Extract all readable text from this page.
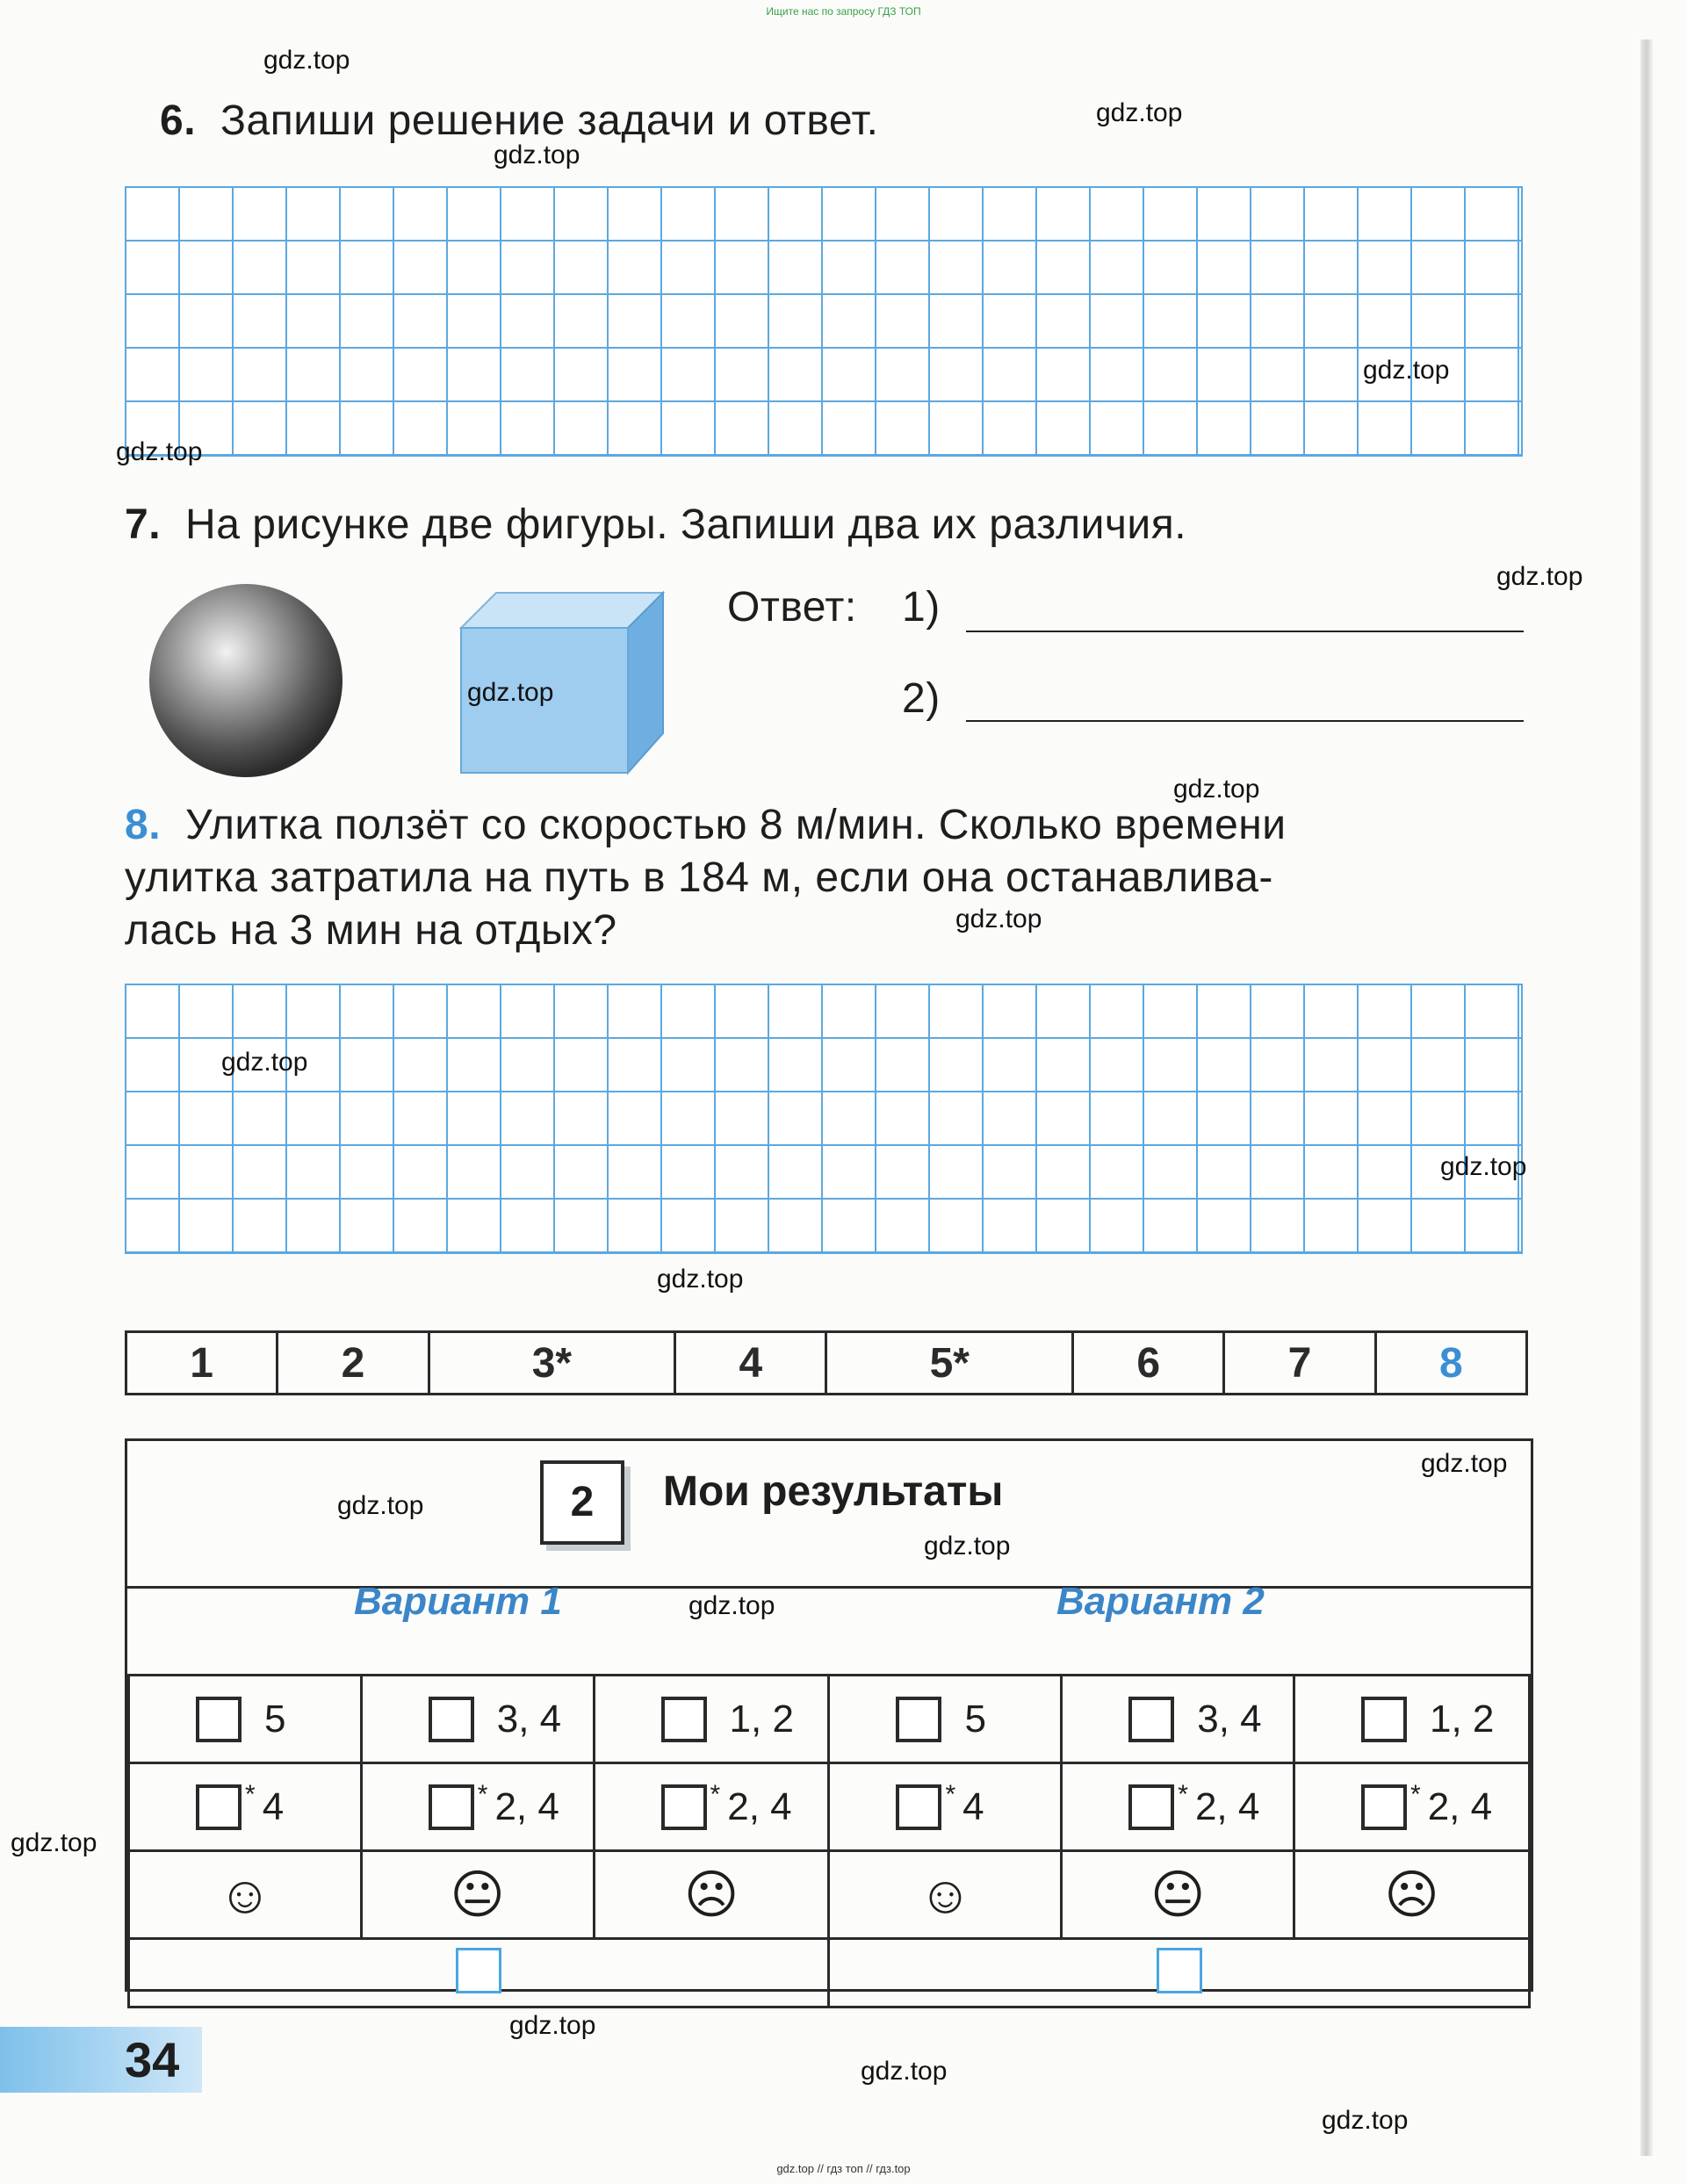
Ищите нас по запросу ГДЗ ТОП
6. Запиши решение задачи и ответ.
7. На рисунке две фигуры. Запиши два их различия.
Ответ: 1)
2)
8. Улитка ползёт со скоростью 8 м/мин. Сколько времени
улитка затратила на путь в 184 м, если она останавлива-
лась на 3 мин на отдых?
1	2	3*	4	5*	6	7	8
2	Мои результаты
Вариант 1	Вариант 2
5	3, 4	1, 2	5	3, 4	1, 2

* 4	* 2, 4	* 2, 4	* 4	* 2, 4	* 2, 4

☺	😐	☹	☺	😐	☹

34
gdz.top
gdz.top
gdz.top
gdz.top
gdz.top
gdz.top
gdz.top
gdz.top
gdz.top
gdz.top
gdz.top
gdz.top
gdz.top
gdz.top
gdz.top
gdz.top
gdz.top
gdz.top
gdz.top
gdz.top
gdz.top // гдз топ // гдз.top
